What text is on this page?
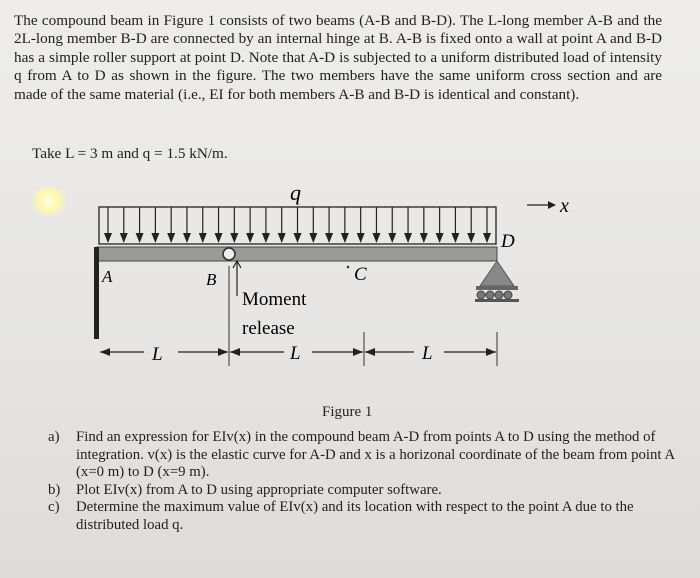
The compound beam in Figure 1 consists of two beams (A-B and B-D). The L-long member A-B and the 2L-long member B-D are connected by an internal hinge at B. A-B is fixed onto a wall at point A and B-D has a simple roller support at point D. Note that A-D is subjected to a uniform distributed load of intensity q from A to D as shown in the figure. The two members have the same uniform cross section and are made of the same material (i.e., EI for both members A-B and B-D is identical and constant).
Take L = 3 m and q = 1.5 kN/m.
q
x
A	B	C
D
Moment
release
L	L	L
Figure 1
a)	Find an expression for EIv(x) in the compound beam A-D from points A to D using the method of integration. v(x) is the elastic curve for A-D and x is a horizonal coordinate of the beam from point A (x=0 m) to D (x=9 m).
b)	Plot EIv(x) from A to D using appropriate computer software.
c)	Determine the maximum value of EIv(x) and its location with respect to the point A due to the distributed load q.
